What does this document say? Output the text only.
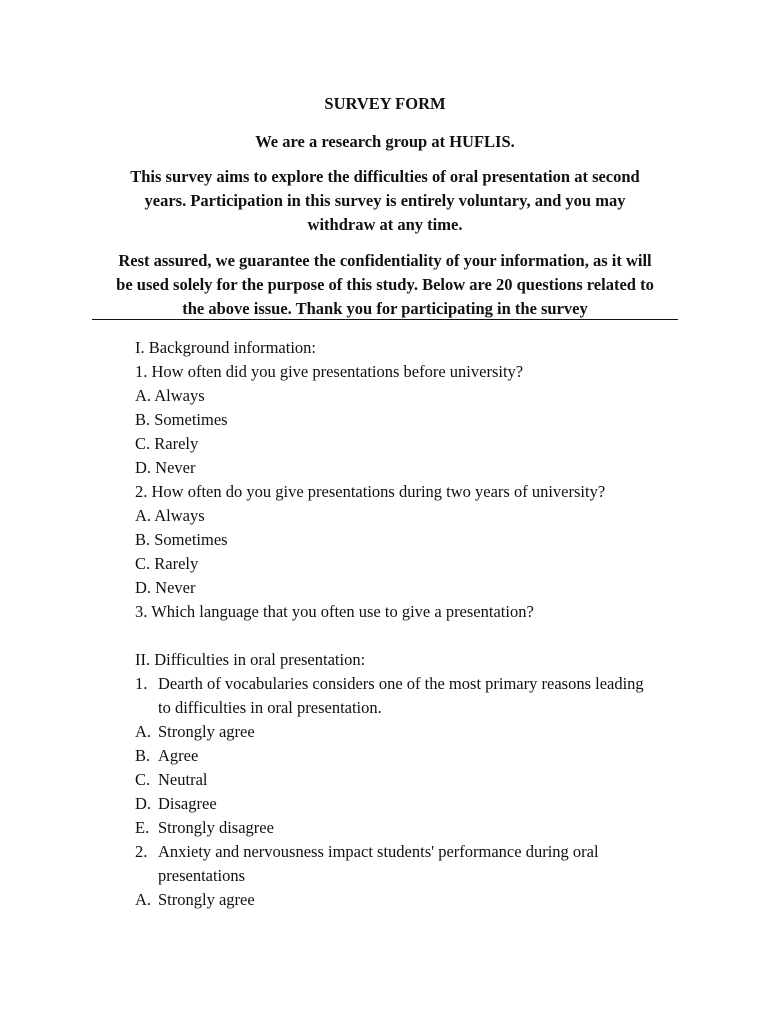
SURVEY FORM

We are a research group at HUFLIS.

This survey aims to explore the difficulties of oral presentation at second

years. Participation in this survey is entirely voluntary, and you may

withdraw at any time.

Rest assured, we guarantee the confidentiality of your information, as it will

be used solely for the purpose of this study. Below are 20 questions related to

the above issue. Thank you for participating in the survey

I. Background information:
1. How often did you give presentations before university?
A. Always
B. Sometimes
C. Rarely
D. Never
2. How often do you give presentations during two years of university?
A. Always
B. Sometimes
C. Rarely
D. Never
3. Which language that you often use to give a presentation?
II. Difficulties in oral presentation:
1. Dearth of vocabularies considers one of the most primary reasons leading
to difficulties in oral presentation.
A. Strongly agree
B. Agree
C. Neutral
D. Disagree
E. Strongly disagree
2. Anxiety and nervousness impact students' performance during oral
presentations
A. Strongly agree
